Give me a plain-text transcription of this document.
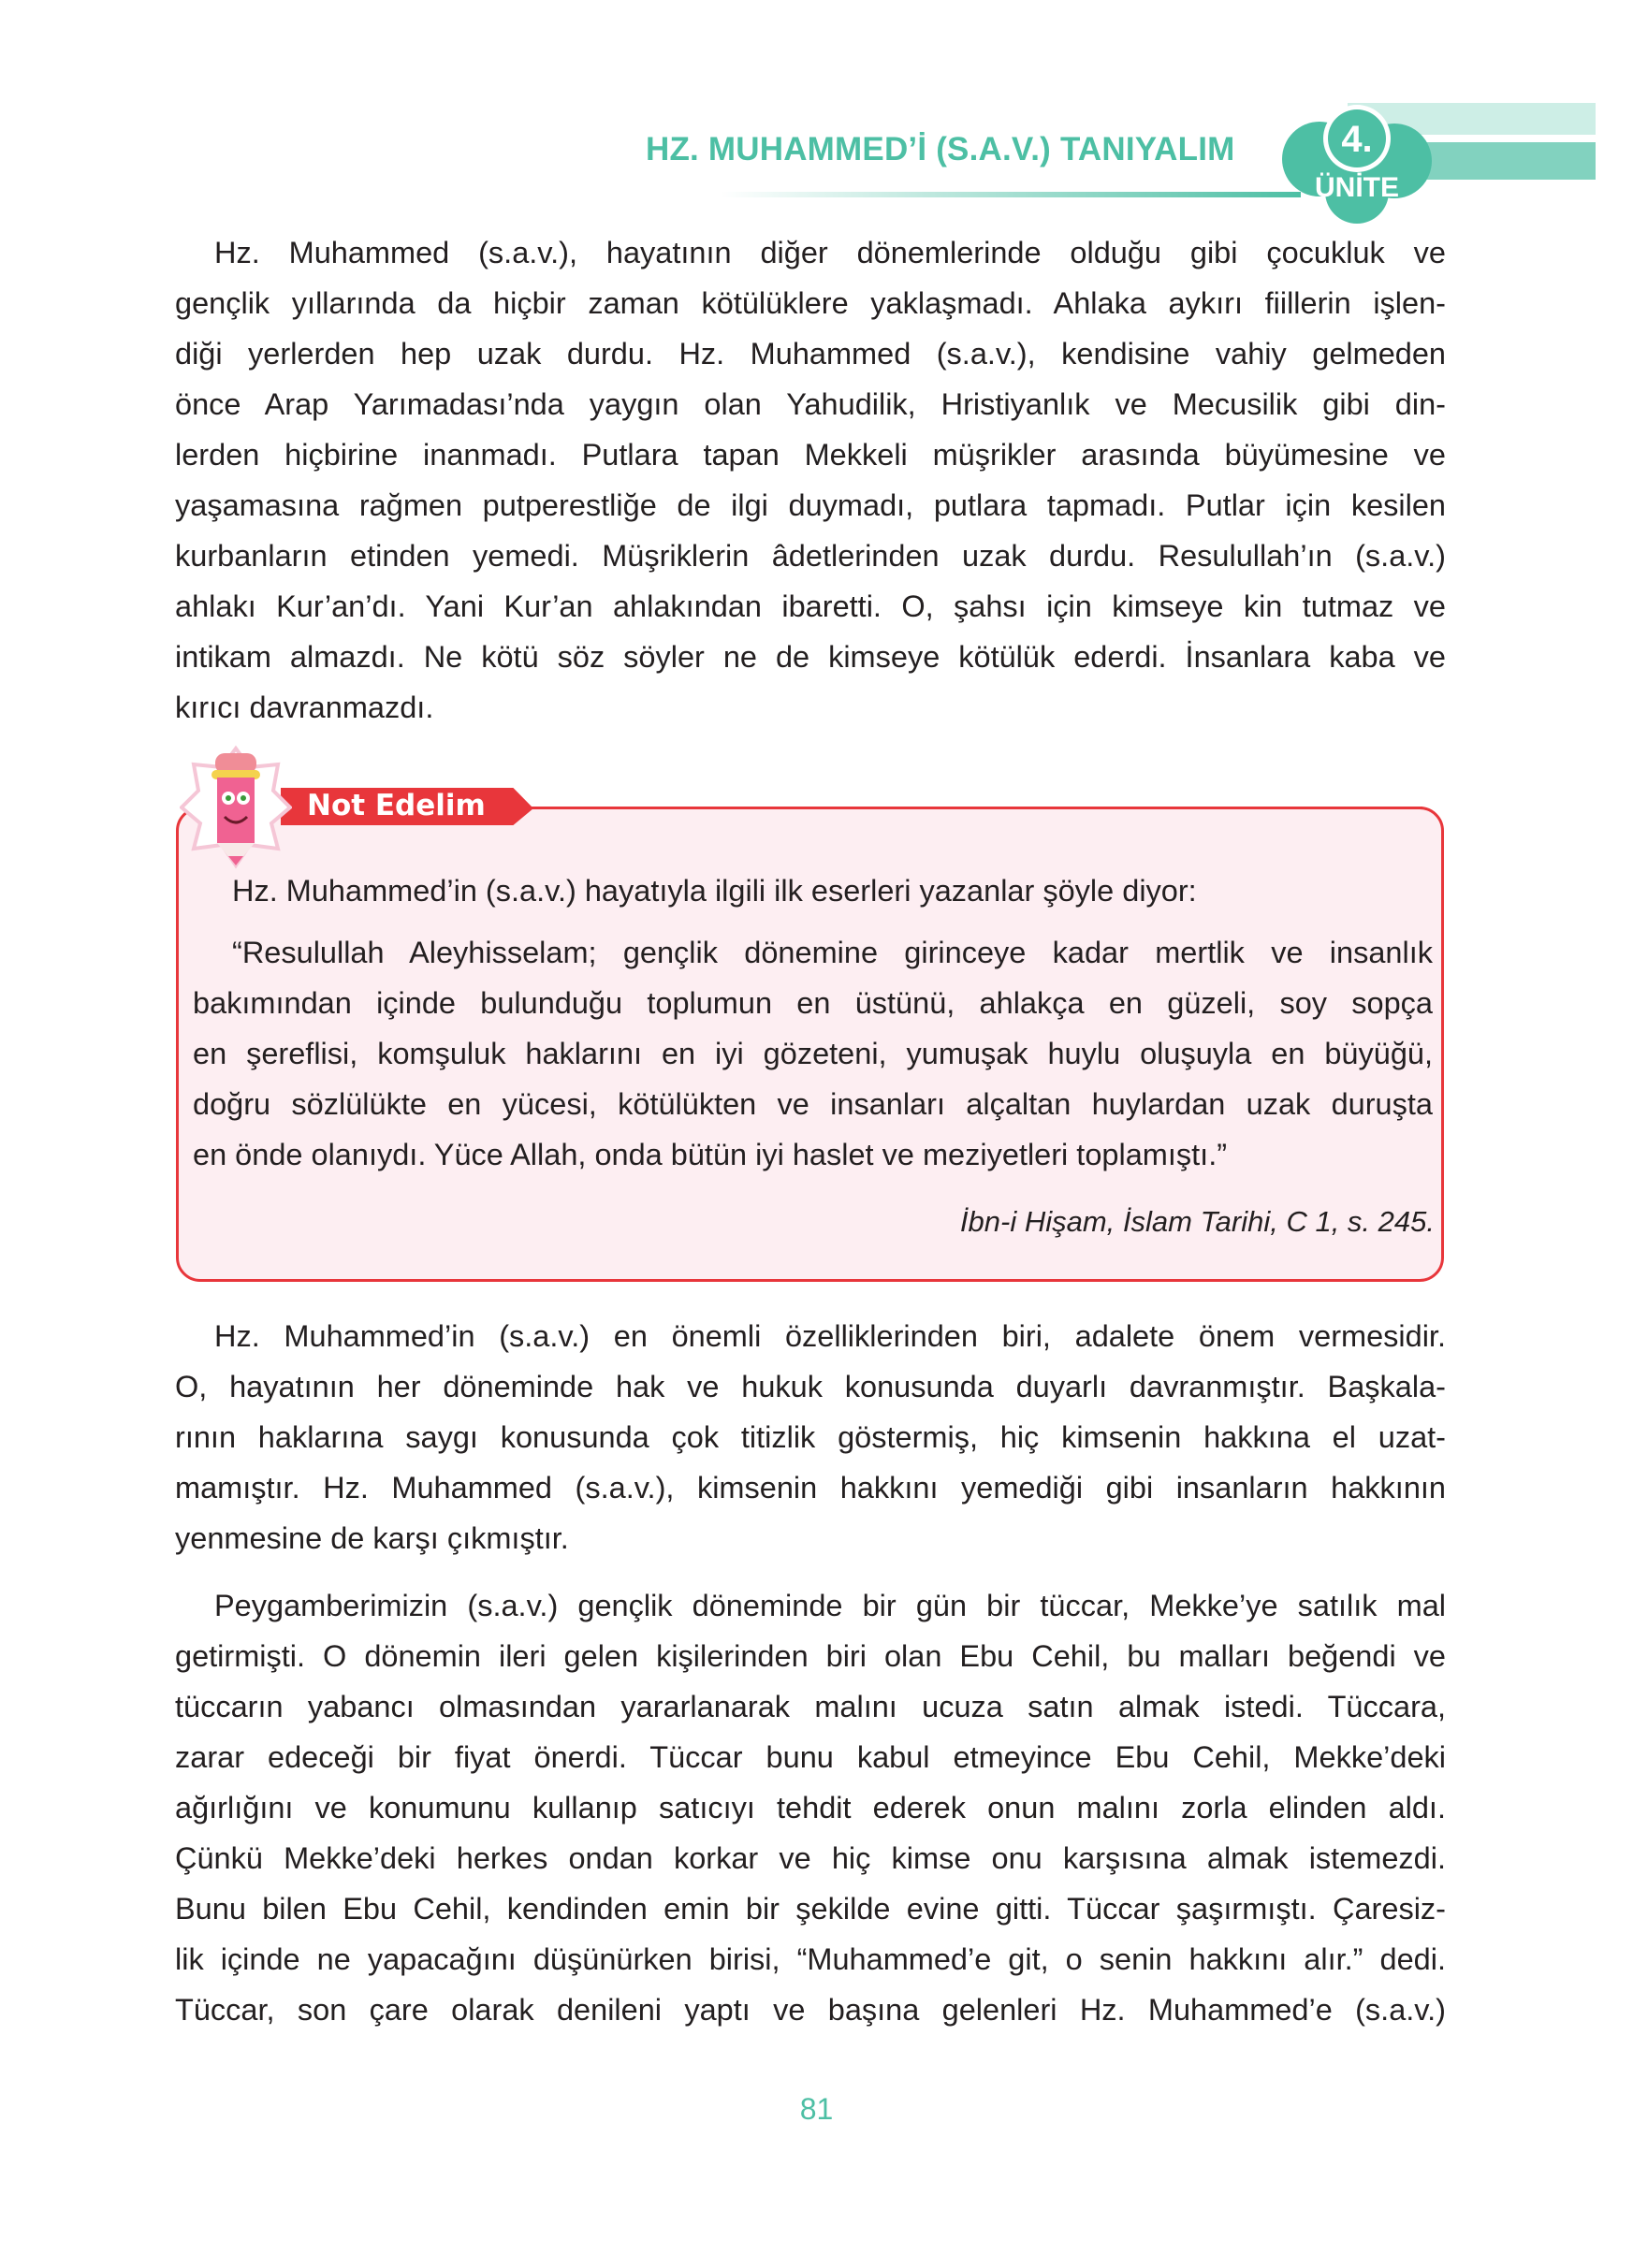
HZ. MUHAMMED’İ (S.A.V.) TANIYALIM	4.
ÜNİTE
Hz. Muhammed (s.a.v.), hayatının diğer dönemlerinde olduğu gibi çocukluk ve
gençlik yıllarında da hiçbir zaman kötülüklere yaklaşmadı. Ahlaka aykırı fiillerin işlen-
diği yerlerden hep uzak durdu. Hz. Muhammed (s.a.v.), kendisine vahiy gelmeden
önce Arap Yarımadası’nda yaygın olan Yahudilik, Hristiyanlık ve Mecusilik gibi din-
lerden hiçbirine inanmadı. Putlara tapan Mekkeli müşrikler arasında büyümesine ve
yaşamasına rağmen putperestliğe de ilgi duymadı, putlara tapmadı. Putlar için kesilen
kurbanların etinden yemedi. Müşriklerin âdetlerinden uzak durdu. Resulullah’ın (s.a.v.)
ahlakı Kur’an’dı. Yani Kur’an ahlakından ibaretti. O, şahsı için kimseye kin tutmaz ve
intikam almazdı. Ne kötü söz söyler ne de kimseye kötülük ederdi. İnsanlara kaba ve
kırıcı davranmazdı.
Not Edelim
Hz. Muhammed’in (s.a.v.) hayatıyla ilgili ilk eserleri yazanlar şöyle diyor:
“Resulullah Aleyhisselam; gençlik dönemine girinceye kadar mertlik ve insanlık
bakımından içinde bulunduğu toplumun en üstünü, ahlakça en güzeli, soy sopça
en şereflisi, komşuluk haklarını en iyi gözeteni, yumuşak huylu oluşuyla en büyüğü,
doğru sözlülükte en yücesi, kötülükten ve insanları alçaltan huylardan uzak duruşta
en önde olanıydı. Yüce Allah, onda bütün iyi haslet ve meziyetleri toplamıştı.”
İbn-i Hişam, İslam Tarihi, C 1, s. 245.
Hz. Muhammed’in (s.a.v.) en önemli özelliklerinden biri, adalete önem vermesidir.
O, hayatının her döneminde hak ve hukuk konusunda duyarlı davranmıştır. Başkala-
rının haklarına saygı konusunda çok titizlik göstermiş, hiç kimsenin hakkına el uzat-
mamıştır. Hz. Muhammed (s.a.v.), kimsenin hakkını yemediği gibi insanların hakkının
yenmesine de karşı çıkmıştır.
Peygamberimizin (s.a.v.) gençlik döneminde bir gün bir tüccar, Mekke’ye satılık mal
getirmişti. O dönemin ileri gelen kişilerinden biri olan Ebu Cehil, bu malları beğendi ve
tüccarın yabancı olmasından yararlanarak malını ucuza satın almak istedi. Tüccara,
zarar edeceği bir fiyat önerdi. Tüccar bunu kabul etmeyince Ebu Cehil, Mekke’deki
ağırlığını ve konumunu kullanıp satıcıyı tehdit ederek onun malını zorla elinden aldı.
Çünkü Mekke’deki herkes ondan korkar ve hiç kimse onu karşısına almak istemezdi.
Bunu bilen Ebu Cehil, kendinden emin bir şekilde evine gitti. Tüccar şaşırmıştı. Çaresiz-
lik içinde ne yapacağını düşünürken birisi, “Muhammed’e git, o senin hakkını alır.” dedi.
Tüccar, son çare olarak denileni yaptı ve başına gelenleri Hz. Muhammed’e (s.a.v.)
81
